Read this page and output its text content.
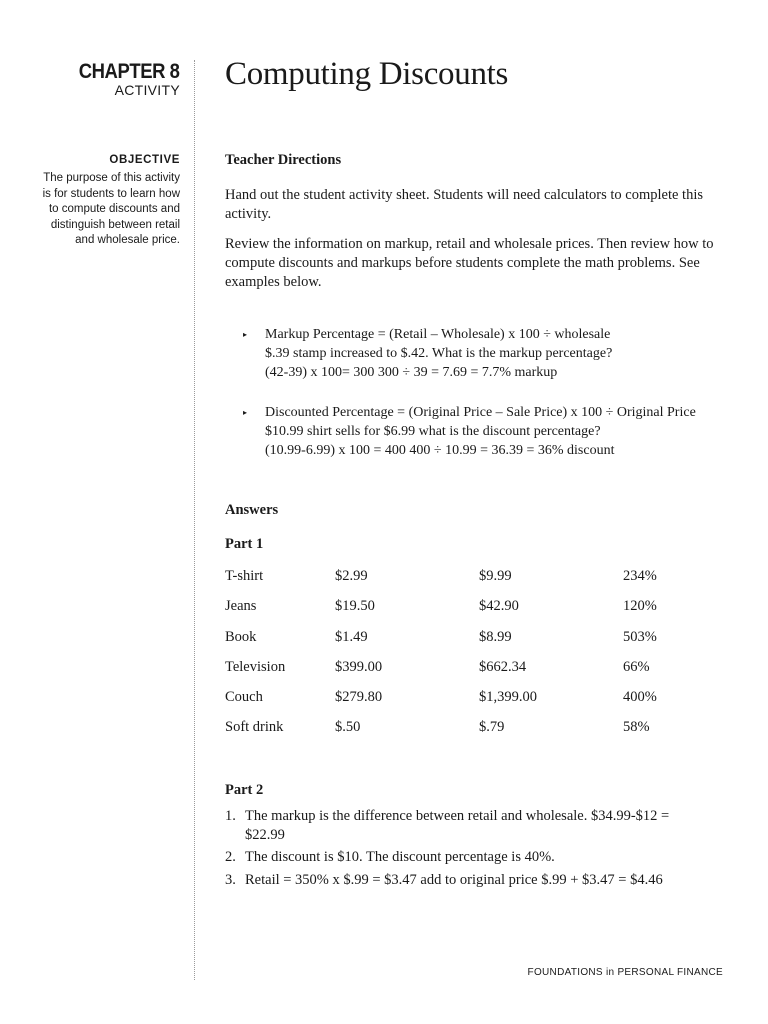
CHAPTER 8
ACTIVITY
OBJECTIVE
The purpose of this activity is for students to learn how to compute discounts and distinguish between retail and wholesale price.
Computing Discounts
Teacher Directions
Hand out the student activity sheet. Students will need calculators to complete this activity.
Review the information on markup, retail and wholesale prices. Then review how to compute discounts and markups before students complete the math problems. See examples below.
▸ Markup Percentage = (Retail – Wholesale) x 100 ÷ wholesale
$.39 stamp increased to $.42. What is the markup percentage?
(42-39) x 100= 300 300 ÷ 39 = 7.69 = 7.7% markup
▸ Discounted Percentage = (Original Price – Sale Price) x 100 ÷ Original Price
$10.99 shirt sells for $6.99 what is the discount percentage?
(10.99-6.99) x 100 = 400 400 ÷ 10.99 = 36.39 = 36% discount
Answers
Part 1
T-shirt	$2.99	$9.99	234%
Jeans	$19.50	$42.90	120%
Book	$1.49	$8.99	503%
Television	$399.00	$662.34	66%
Couch	$279.80	$1,399.00	400%
Soft drink	$.50	$.79	58%
Part 2
1. The markup is the difference between retail and wholesale. $34.99-$12 = $22.99
2. The discount is $10. The discount percentage is 40%.
3. Retail = 350% x $.99 = $3.47 add to original price $.99 + $3.47 = $4.46
FOUNDATIONS in PERSONAL FINANCE
